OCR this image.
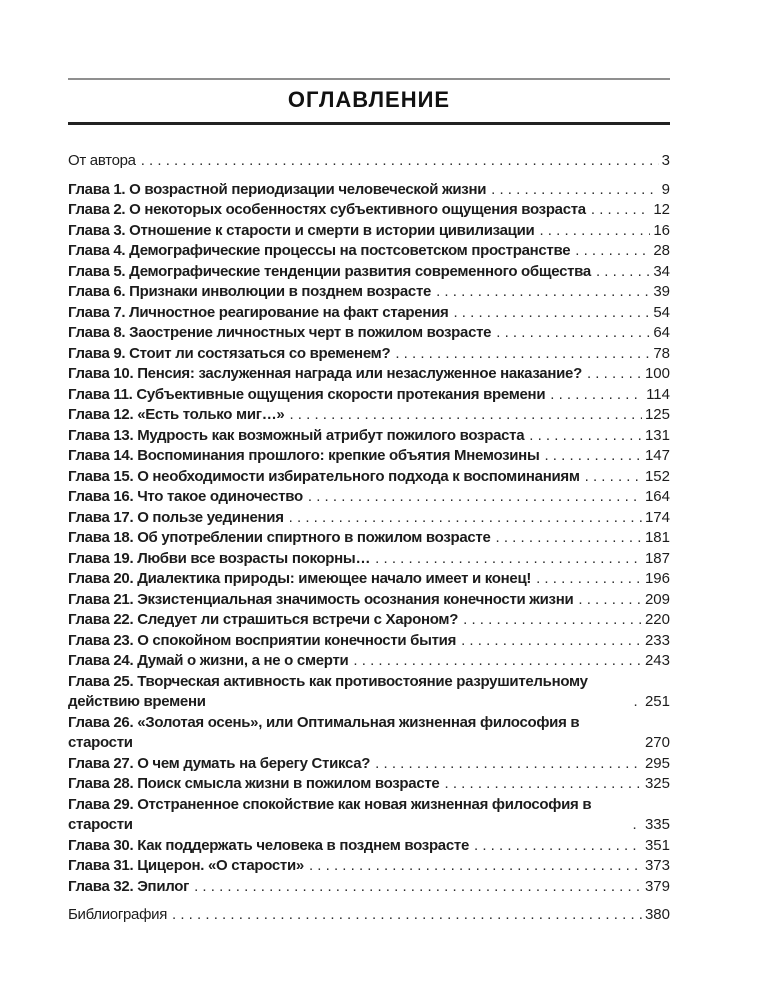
ОГЛАВЛЕНИЕ
От автора . . .	3
Глава 1. О возрастной периодизации человеческой жизни . . .	9
Глава 2. О некоторых особенностях субъективного ощущения возраста . . .	12
Глава 3. Отношение к старости и смерти в истории цивилизации . . .	16
Глава 4. Демографические процессы на постсоветском пространстве . . .	28
Глава 5. Демографические тенденции развития современного общества . . .	34
Глава 6. Признаки инволюции в позднем возрасте . . .	39
Глава 7. Личностное реагирование на факт старения . . .	54
Глава 8. Заострение личностных черт в пожилом возрасте . . .	64
Глава 9. Стоит ли состязаться со временем? . . .	78
Глава 10. Пенсия: заслуженная награда или незаслуженное наказание? . . .	100
Глава 11. Субъективные ощущения скорости протекания времени . . .	114
Глава 12. «Есть только миг…» . . .	125
Глава 13. Мудрость как возможный атрибут пожилого возраста . . .	131
Глава 14. Воспоминания прошлого: крепкие объятия Мнемозины . . .	147
Глава 15. О необходимости избирательного подхода к воспоминаниям . . .	152
Глава 16. Что такое одиночество . . .	164
Глава 17. О пользе уединения . . .	174
Глава 18. Об употреблении спиртного в пожилом возрасте . . .	181
Глава 19. Любви все возрасты покорны… . . .	187
Глава 20. Диалектика природы: имеющее начало имеет и конец! . . .	196
Глава 21. Экзистенциальная значимость осознания конечности жизни . . .	209
Глава 22. Следует ли страшиться встречи с Хароном? . . .	220
Глава 23. О спокойном восприятии конечности бытия . . .	233
Глава 24. Думай о жизни, а не о смерти . . .	243
Глава 25. Творческая активность как противостояние разрушительному действию времени . . .	251
Глава 26. «Золотая осень», или Оптимальная жизненная философия в старости	270
Глава 27. О чем думать на берегу Стикса? . . .	295
Глава 28. Поиск смысла жизни в пожилом возрасте . . .	325
Глава 29. Отстраненное спокойствие как новая жизненная философия в старости . . .	335
Глава 30. Как поддержать человека в позднем возрасте . . .	351
Глава 31. Цицерон. «О старости» . . .	373
Глава 32. Эпилог . . .	379
Библиография . . .	380
